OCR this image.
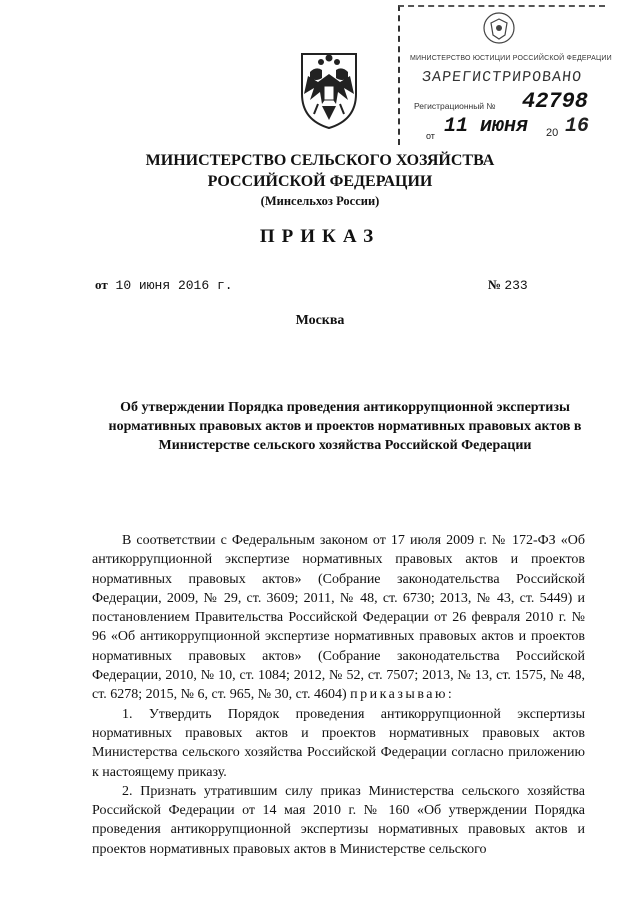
МИНИСТЕРСТВО ЮСТИЦИИ РОССИЙСКОЙ ФЕДЕРАЦИИ
ЗАРЕГИСТРИРОВАНО
Регистрационный № 42798
от 11 июня 20 16
МИНИСТЕРСТВО СЕЛЬСКОГО ХОЗЯЙСТВА
РОССИЙСКОЙ ФЕДЕРАЦИИ
(Минсельхоз России)
ПРИКАЗ
от 10 июня 2016 г.	№ 233
Москва
Об утверждении Порядка проведения антикоррупционной экспертизы нормативных правовых актов и проектов нормативных правовых актов в Министерстве сельского хозяйства Российской Федерации

В соответствии с Федеральным законом от 17 июля 2009 г. № 172-ФЗ «Об антикоррупционной экспертизе нормативных правовых актов и проектов нормативных правовых актов» (Собрание законодательства Российской Федерации, 2009, № 29, ст. 3609; 2011, № 48, ст. 6730; 2013, № 43, ст. 5449) и постановлением Правительства Российской Федерации от 26 февраля 2010 г. № 96 «Об антикоррупционной экспертизе нормативных правовых актов и проектов нормативных правовых актов» (Собрание законодательства Российской Федерации, 2010, № 10, ст. 1084; 2012, № 52, ст. 7507; 2013, № 13, ст. 1575, № 48, ст. 6278; 2015, № 6, ст. 965, № 30, ст. 4604) приказываю:

1. Утвердить Порядок проведения антикоррупционной экспертизы нормативных правовых актов и проектов нормативных правовых актов Министерства сельского хозяйства Российской Федерации согласно приложению к настоящему приказу.

2. Признать утратившим силу приказ Министерства сельского хозяйства Российской Федерации от 14 мая 2010 г. № 160 «Об утверждении Порядка проведения антикоррупционной экспертизы нормативных правовых актов и проектов нормативных правовых актов в Министерстве сельского
